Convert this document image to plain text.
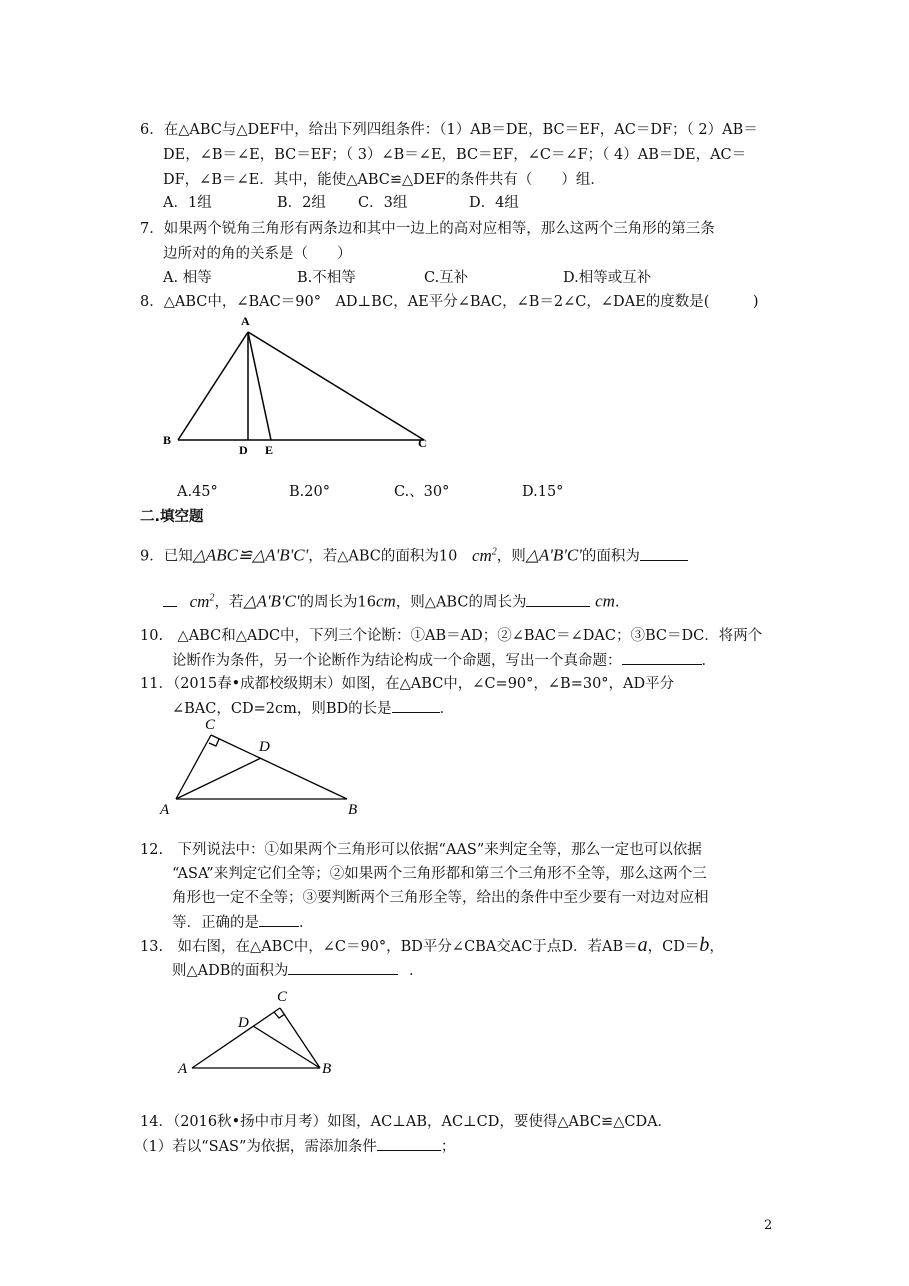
6．在△ABC与△DEF中，给出下列四组条件：（1）AB＝DE，BC＝EF，AC＝DF；（ 2）AB＝
DE，∠B＝∠E，BC＝EF；（ 3）∠B＝∠E，BC＝EF，∠C＝∠F；（ 4）AB＝DE，AC＝
DF，∠B＝∠E．其中，能使△ABC≌△DEF的条件共有（　　）组．
A．1组	B．2组 C．3组	D．4组
7．如果两个锐角三角形有两条边和其中一边上的高对应相等，那么这两个三角形的第三条
边所对的角的关系是（　　）
A. 相等	B.不相等	C.互补	D.相等或互补
8．△ABC中，∠BAC＝90°　AD⊥BC，AE平分∠BAC，∠B＝2∠C，∠DAE的度数是(　　　)
A
B	C
D E
C
D
A	B
C
D
A	B
A.45°	B.20°	C.、30°	D.15°
二.填空题
9．已知△ABC≌△A'B'C'，若△ABC的面积为10 $cm^2$，则△A'B'C'的面积为
$cm^2$，若△A'B'C'的周长为16cm，则△ABC的周长为	cm.
10.　△ABC和△ADC中，下列三个论断：①AB＝AD；②∠BAC＝∠DAC；③BC＝DC．将两个
论断作为条件，另一个论断作为结论构成一个命题，写出一个真命题：	．
11．（2015春•成都校级期末）如图，在△ABC中，∠C=90°，∠B=30°，AD平分
∠BAC，CD=2cm，则BD的长是	．
12.　下列说法中：①如果两个三角形可以依据“AAS”来判定全等，那么一定也可以依据
“ASA”来判定它们全等；②如果两个三角形都和第三个三角形不全等，那么这两个三
角形也一定不全等；③要判断两个三角形全等，给出的条件中至少要有一对边对应相
等．正确的是	．
13.　如右图，在△ABC中，∠C＝90°，BD平分∠CBA交AC于点D．若AB＝a，CD＝b，
则△ADB的面积为	．
14．（2016秋•扬中市月考）如图，AC⊥AB，AC⊥CD，要使得△ABC≌△CDA．
（1）若以“SAS”为依据，需添加条件	；
2
